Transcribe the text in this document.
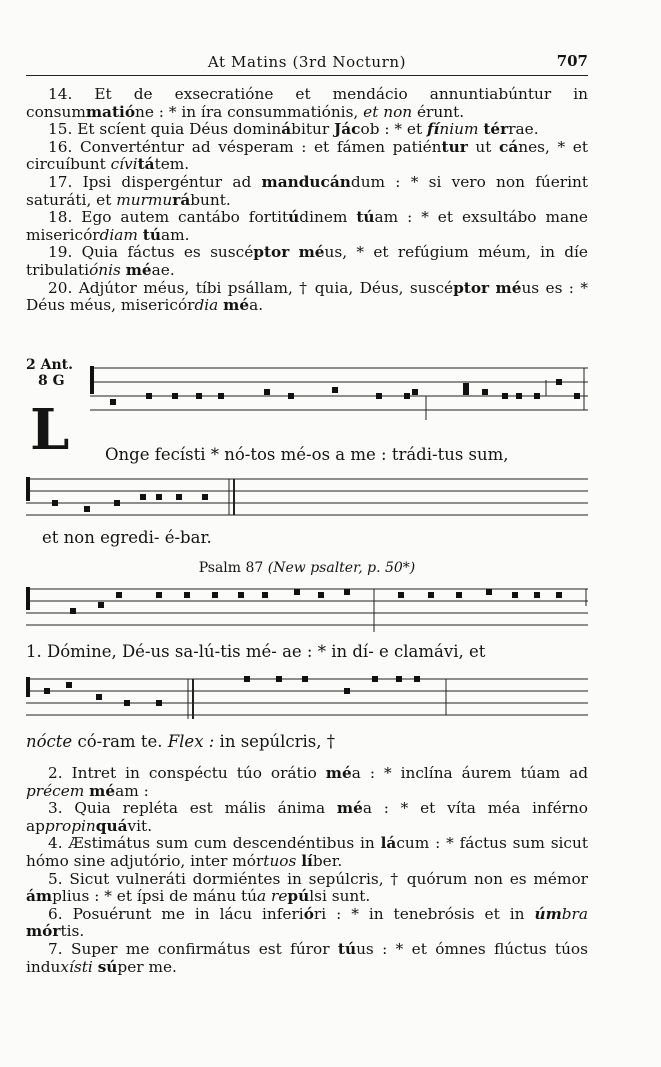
At Matins (3rd Nocturn)	707

14. Et de exsecratióne et mendácio annuntiabúntur in consummatióne : * in íra consummatiónis, et non érunt.

15. Et scíent quia Déus dominábitur Jácob : * et fínium térrae.

16. Converténtur ad vésperam : et fámen patiéntur ut cánes, * et circuíbunt cívitátem.

17. Ipsi dispergéntur ad manducándum : * si vero non fúerint saturáti, et murmurábunt.

18. Ego autem cantábo fortitúdinem túam : * et exsultábo mane misericórdiam túam.

19. Quia fáctus es suscéptor méus, * et refúgium méum, in díe tribulatiónis méae.

20. Adjútor méus, tíbi psállam, † quia, Déus, suscéptor méus es : * Déus méus, misericórdia méa.

2 Ant.
8 G
L Onge fecísti * nó-tos mé-os a me : trádi-tus sum,
et non egredi- é-bar.
Psalm 87 (New psalter, p. 50*)
1. Dómine, Dé-us sa-lú-tis mé- ae : * in dí- e clamávi, et
nócte có-ram te. Flex : in sepúlcris, †

2. Intret in conspéctu túo orátio méa : * inclína áurem túam ad précem méam :

3. Quia repléta est mális ánima méa : * et víta méa inférno appropinquávit.

4. Æstimátus sum cum descendéntibus in lácum : * fáctus sum sicut hómo sine adjutório, inter mórtuos líber.

5. Sicut vulneráti dormiéntes in sepúlcris, † quórum non es mémor ámplius : * et ípsi de mánu túa repúlsi sunt.

6. Posuérunt me in lácu inferióri : * in tenebrósis et in úmbra mórtis.

7. Super me confirmátus est fúror túus : * et ómnes flúctus túos induxísti súper me.
